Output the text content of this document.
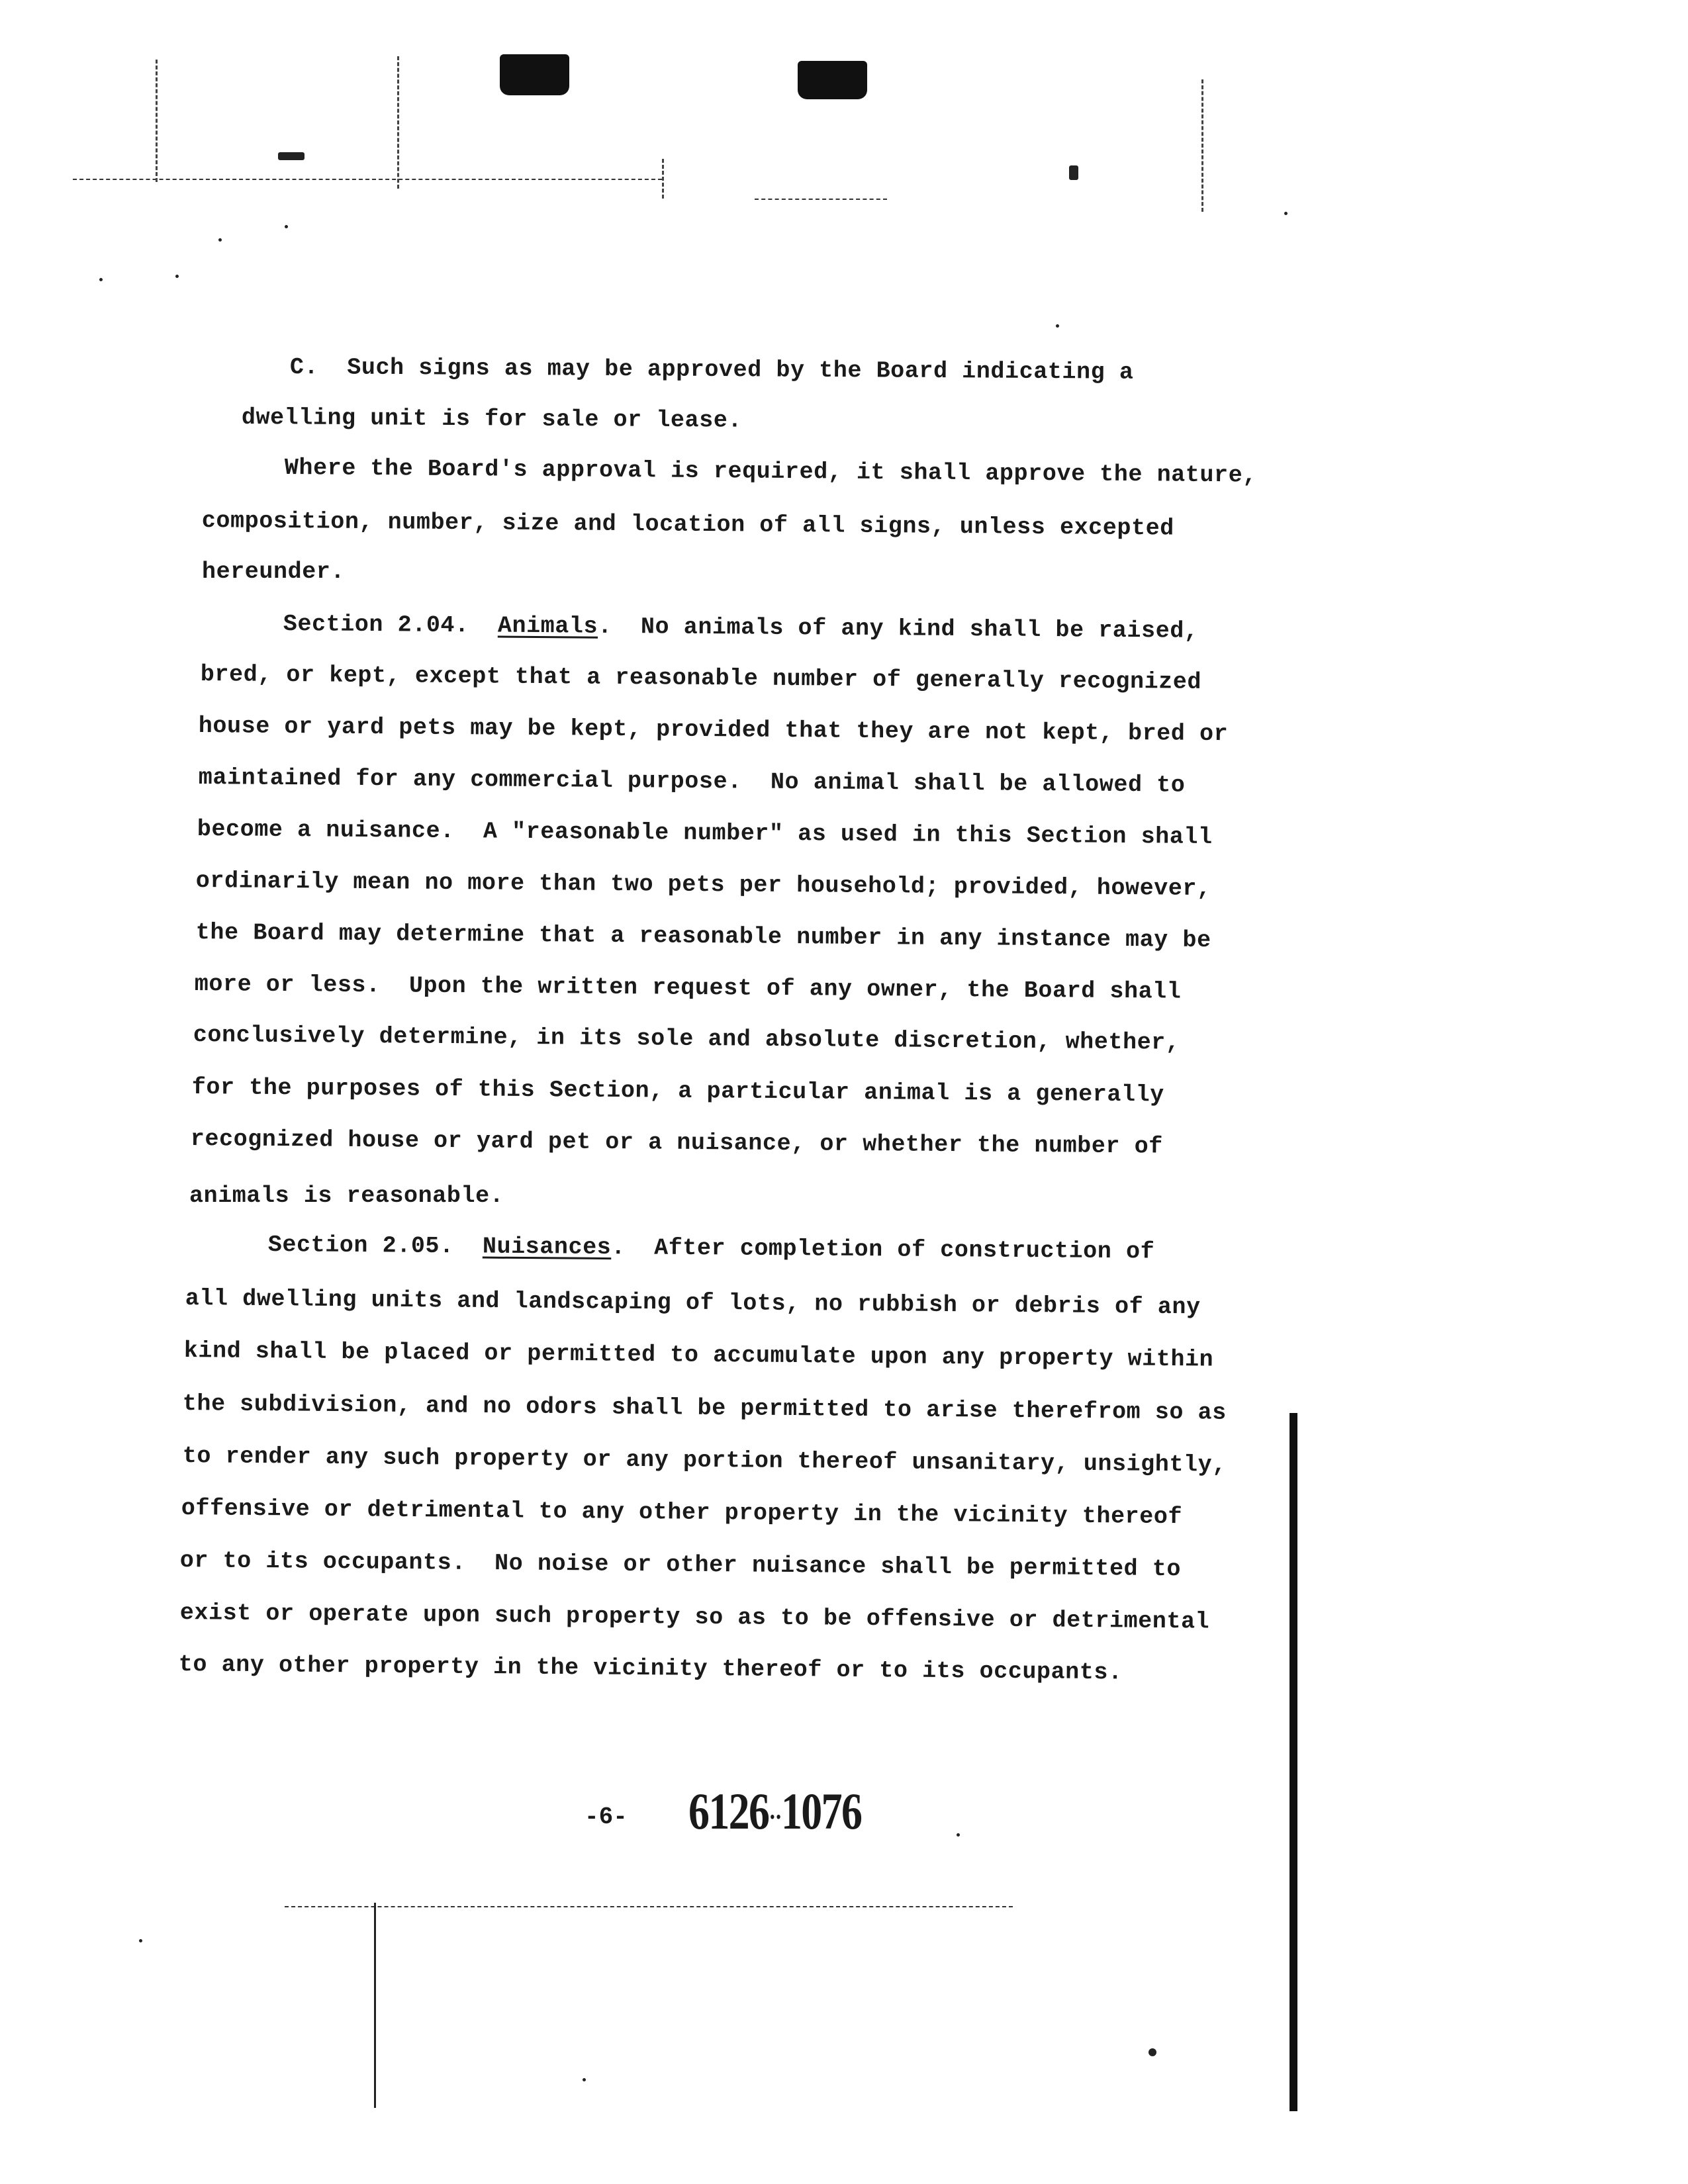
C.  Such signs as may be approved by the Board indicating a
dwelling unit is for sale or lease.
Where the Board's approval is required, it shall approve the nature,
composition, number, size and location of all signs, unless excepted
hereunder.
Section 2.04. Animals.  No animals of any kind shall be raised,
bred, or kept, except that a reasonable number of generally recognized
house or yard pets may be kept, provided that they are not kept, bred or
maintained for any commercial purpose.  No animal shall be allowed to
become a nuisance.  A "reasonable number" as used in this Section shall
ordinarily mean no more than two pets per household; provided, however,
the Board may determine that a reasonable number in any instance may be
more or less.  Upon the written request of any owner, the Board shall
conclusively determine, in its sole and absolute discretion, whether,
for the purposes of this Section, a particular animal is a generally
recognized house or yard pet or a nuisance, or whether the number of
animals is reasonable.
Section 2.05. Nuisances.  After completion of construction of
all dwelling units and landscaping of lots, no rubbish or debris of any
kind shall be placed or permitted to accumulate upon any property within
the subdivision, and no odors shall be permitted to arise therefrom so as
to render any such property or any portion thereof unsanitary, unsightly,
offensive or detrimental to any other property in the vicinity thereof
or to its occupants.  No noise or other nuisance shall be permitted to
exist or operate upon such property so as to be offensive or detrimental
to any other property in the vicinity thereof or to its occupants.
-6- 6126··1076
